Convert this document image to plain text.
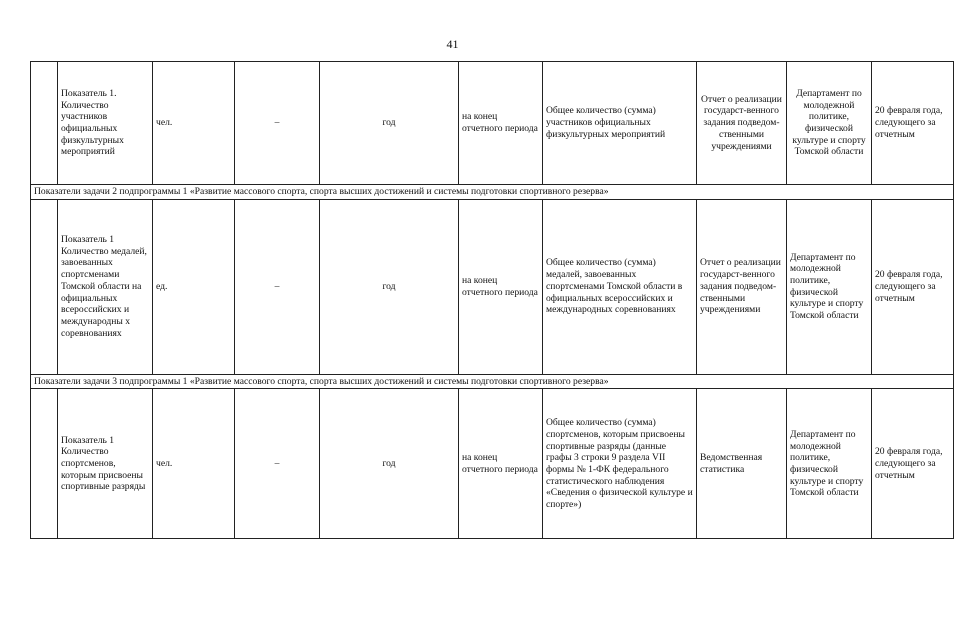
41
	Показатель 1. Количество участников официальных физкультурных мероприятий	чел.	–	год	на конец отчетного периода	Общее количество (сумма) участников официальных физкультурных мероприятий	Отчет о реализации государст-венного задания подведом-ственными учреждениями	Департамент по молодежной политике, физической культуре и спорту Томской области	20 февраля года, следующего за отчетным
Показатели задачи 2 подпрограммы 1 «Развитие массового спорта, спорта высших достижений и системы подготовки спортивного резерва»									
	Показатель 1 Количество медалей, завоеванных спортсменами Томской области на официальных всероссийских и международны х соревнованиях	ед.	–	год	на конец отчетного периода	Общее количество (сумма) медалей, завоеванных спортсменами Томской области в официальных всероссийских и международных соревнованиях	Отчет о реализации государст-венного задания подведом-ственными учреждениями	Департамент по молодежной политике, физической культуре и спорту Томской области	20 февраля года, следующего за отчетным
Показатели задачи 3 подпрограммы 1 «Развитие массового спорта, спорта высших достижений и системы подготовки спортивного резерва»									
	Показатель 1 Количество спортсменов, которым присвоены спортивные разряды	чел.	–	год	на конец отчетного периода	Общее количество (сумма) спортсменов, которым присвоены спортивные разряды (данные графы 3 строки 9 раздела VII формы № 1-ФК федерального статистического наблюдения «Сведения о физической культуре и спорте»)	Ведомственная статистика	Департамент по молодежной политике, физической культуре и спорту Томской области	20 февраля года, следующего за отчетным
